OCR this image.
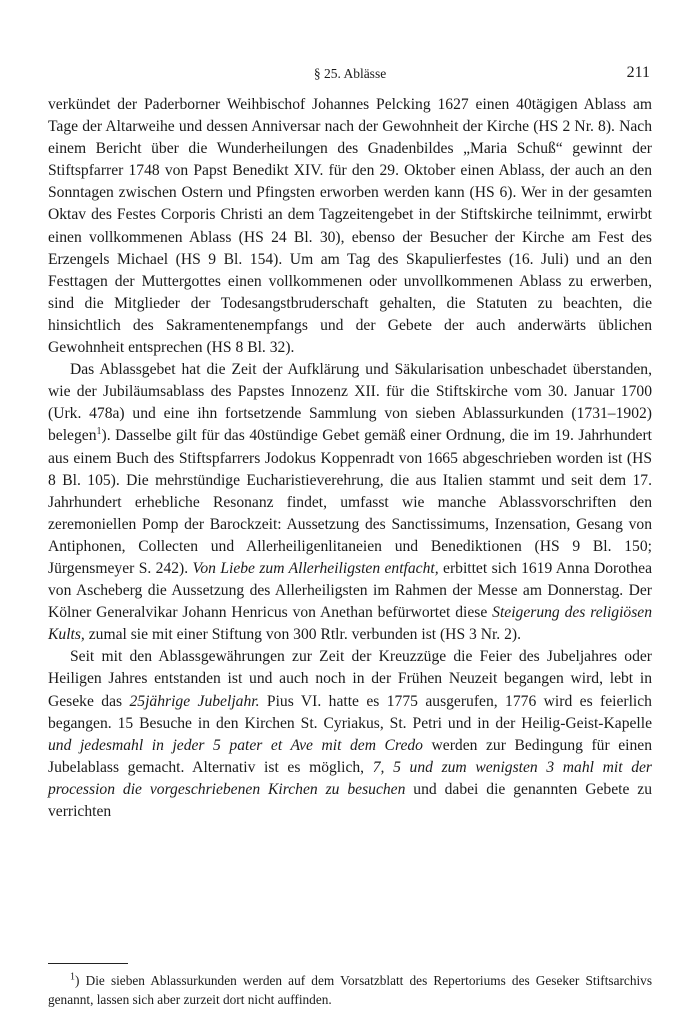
§ 25. Ablässe	211

verkündet der Paderborner Weihbischof Johannes Pelcking 1627 einen 40tägigen Ablass am Tage der Altarweihe und dessen Anniversar nach der Gewohnheit der Kirche (HS 2 Nr. 8). Nach einem Bericht über die Wunderheilungen des Gnadenbildes „Maria Schuß“ gewinnt der Stiftspfarrer 1748 von Papst Benedikt XIV. für den 29. Oktober einen Ablass, der auch an den Sonntagen zwischen Ostern und Pfingsten erworben werden kann (HS 6). Wer in der gesamten Oktav des Festes Corporis Christi an dem Tagzeitengebet in der Stiftskirche teilnimmt, erwirbt einen vollkommenen Ablass (HS 24 Bl. 30), ebenso der Besucher der Kirche am Fest des Erzengels Michael (HS 9 Bl. 154). Um am Tag des Skapulierfestes (16. Juli) und an den Festtagen der Muttergottes einen vollkommenen oder unvollkommenen Ablass zu erwerben, sind die Mitglieder der Todesangstbruderschaft gehalten, die Statuten zu beachten, die hinsichtlich des Sakramentenempfangs und der Gebete der auch anderwärts üblichen Gewohnheit entsprechen (HS 8 Bl. 32).

Das Ablassgebet hat die Zeit der Aufklärung und Säkularisation unbeschadet überstanden, wie der Jubiläumsablass des Papstes Innozenz XII. für die Stiftskirche vom 30. Januar 1700 (Urk. 478a) und eine ihn fortsetzende Sammlung von sieben Ablassurkunden (1731–1902) belegen$^1$). Dasselbe gilt für das 40stündige Gebet gemäß einer Ordnung, die im 19. Jahrhundert aus einem Buch des Stiftspfarrers Jodokus Koppenradt von 1665 abgeschrieben worden ist (HS 8 Bl. 105). Die mehrstündige Eucharistieverehrung, die aus Italien stammt und seit dem 17. Jahrhundert erhebliche Resonanz findet, umfasst wie manche Ablassvorschriften den zeremoniellen Pomp der Barockzeit: Aussetzung des Sanctissimums, Inzensation, Gesang von Antiphonen, Collecten und Allerheiligenlitaneien und Benediktionen (HS 9 Bl. 150; Jürgensmeyer S. 242). Von Liebe zum Allerheiligsten entfacht, erbittet sich 1619 Anna Dorothea von Ascheberg die Aussetzung des Allerheiligsten im Rahmen der Messe am Donnerstag. Der Kölner Generalvikar Johann Henricus von Anethan befürwortet diese Steigerung des religiösen Kults, zumal sie mit einer Stiftung von 300 Rtlr. verbunden ist (HS 3 Nr. 2).

Seit mit den Ablassgewährungen zur Zeit der Kreuzzüge die Feier des Jubeljahres oder Heiligen Jahres entstanden ist und auch noch in der Frühen Neuzeit begangen wird, lebt in Geseke das 25jährige Jubeljahr. Pius VI. hatte es 1775 ausgerufen, 1776 wird es feierlich begangen. 15 Besuche in den Kirchen St. Cyriakus, St. Petri und in der Heilig-Geist-Kapelle und jedesmahl in jeder 5 pater et Ave mit dem Credo werden zur Bedingung für einen Jubelablass gemacht. Alternativ ist es möglich, 7, 5 und zum wenigsten 3 mahl mit der procession die vorgeschriebenen Kirchen zu besuchen und dabei die genannten Gebete zu verrichten

$^1$) Die sieben Ablassurkunden werden auf dem Vorsatzblatt des Repertoriums des Geseker Stiftsarchivs genannt, lassen sich aber zurzeit dort nicht auffinden.
